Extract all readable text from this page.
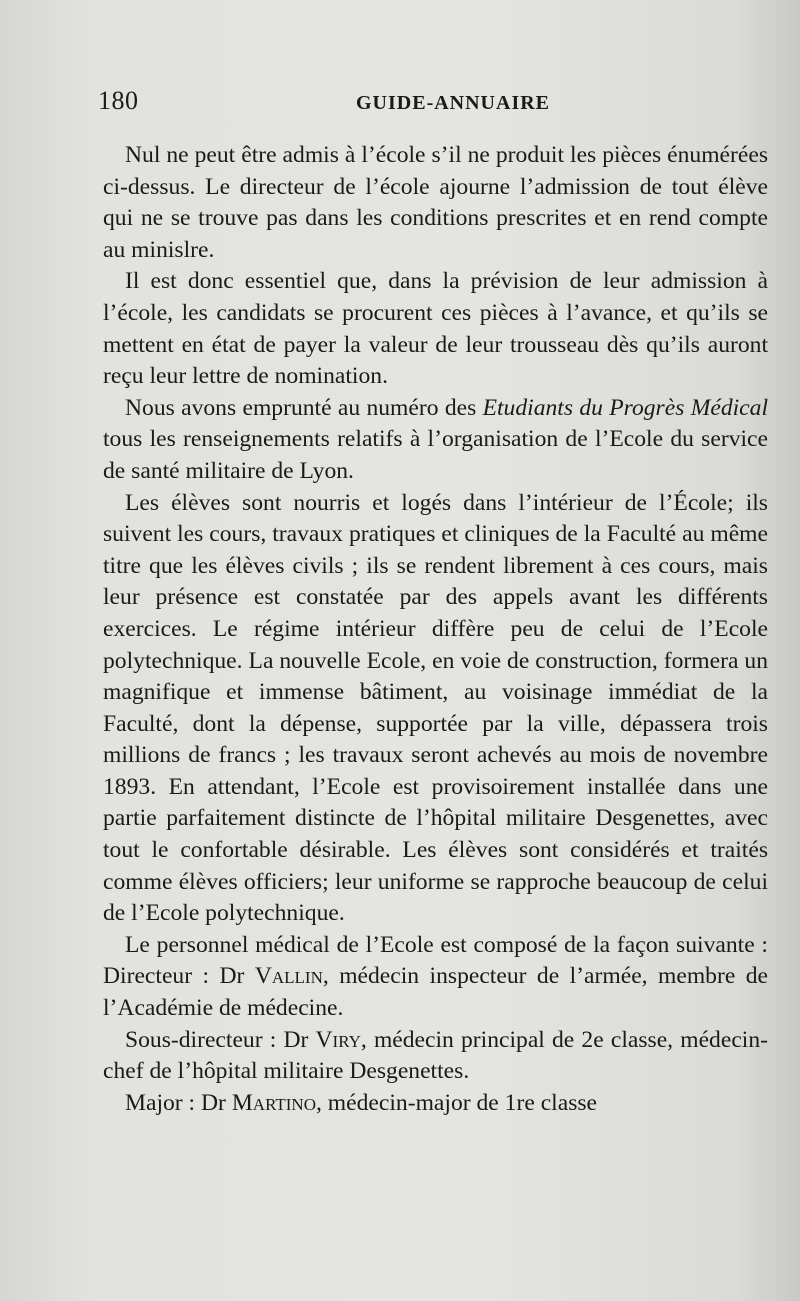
180	GUIDE-ANNUAIRE

Nul ne peut être admis à l’école s’il ne produit les pièces énumérées ci-dessus. Le directeur de l’école ajourne l’admission de tout élève qui ne se trouve pas dans les conditions prescrites et en rend compte au minislre.

Il est donc essentiel que, dans la prévision de leur admission à l’école, les candidats se procurent ces pièces à l’avance, et qu’ils se mettent en état de payer la valeur de leur trousseau dès qu’ils auront reçu leur lettre de nomination.

Nous avons emprunté au numéro des Etudiants du Progrès Médical tous les renseignements relatifs à l’organisation de l’Ecole du service de santé militaire de Lyon.

Les élèves sont nourris et logés dans l’intérieur de l’École; ils suivent les cours, travaux pratiques et cliniques de la Faculté au même titre que les élèves civils ; ils se rendent librement à ces cours, mais leur présence est constatée par des appels avant les différents exercices. Le régime intérieur diffère peu de celui de l’Ecole polytechnique. La nouvelle Ecole, en voie de construction, formera un magnifique et immense bâtiment, au voisinage immédiat de la Faculté, dont la dépense, supportée par la ville, dépassera trois millions de francs ; les travaux seront achevés au mois de novembre 1893. En attendant, l’Ecole est provisoirement installée dans une partie parfaitement distincte de l’hôpital militaire Desgenettes, avec tout le confortable désirable. Les élèves sont considérés et traités comme élèves officiers; leur uniforme se rapproche beaucoup de celui de l’Ecole polytechnique.

Le personnel médical de l’Ecole est composé de la façon suivante : Directeur : Dr Vallin, médecin inspecteur de l’armée, membre de l’Académie de médecine.

Sous-directeur : Dr Viry, médecin principal de 2e classe, médecin-chef de l’hôpital militaire Desgenettes.

Major : Dr Martino, médecin-major de 1re classe
